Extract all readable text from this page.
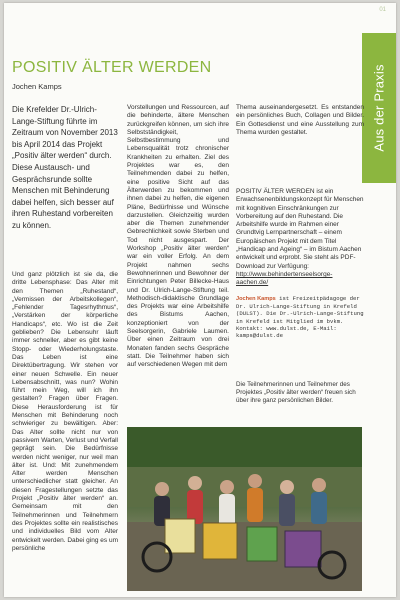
01
Aus der Praxis
POSITIV ÄLTER WERDEN
Jochen Kamps
Die Krefelder Dr.-Ulrich-Lange-Stiftung führte im Zeitraum von November 2013 bis April 2014 das Projekt „Positiv älter werden“ durch. Diese Austausch- und Gesprächsrunde sollte Menschen mit Behinderung dabei helfen, sich besser auf ihren Ruhestand vorbereiten zu können.
Und ganz plötzlich ist sie da, die dritte Lebensphase: Das Alter mit den Themen „Ruhestand“, „Vermissen der Arbeitskollegen“, „Fehlender Tagesrhythmus“, „Verstärken der körperliche Handicaps“, etc. Wo ist die Zeit geblieben? Die Lebensuhr läuft immer schneller, aber es gibt keine Stopp- oder Wiederholungstaste. Das Leben ist eine Direktübertragung. Wir stehen vor einer neuen Schwelle. Ein neuer Lebensabschnitt, was nun? Wohin führt mein Weg, will ich ihn gestalten? Fragen über Fragen. Diese Herausforderung ist für Menschen mit Behinderung noch schwieriger zu bewältigen. Aber: Das Alter sollte nicht nur von passivem Warten, Verlust und Verfall geprägt sein. Die Bedürfnisse werden nicht weniger, nur weil man älter ist. Und: Mit zunehmendem Alter werden Menschen unterschiedlicher statt gleicher. An diesen Fragestellungen setzte das Projekt „Positiv älter werden“ an. Gemeinsam mit den Teilnehmerinnen und Teilnehmern des Projektes sollte ein realistisches und individuelles Bild vom Alter entwickelt werden. Dabei ging es um persönliche
Vorstellungen und Ressourcen, auf die behinderte, ältere Menschen zurückgreifen können, um sich ihre Selbstständigkeit, Selbstbestimmung und Lebensqualität trotz chronischer Krankheiten zu erhalten. Ziel des Projektes war es, den Teilnehmenden dabei zu helfen, eine positive Sicht auf das Älterwerden zu bekommen und ihnen dabei zu helfen, die eigenen Pläne, Bedürfnisse und Wünsche darzustellen. Gleichzeitig wurden aber die Themen zunehmender Gebrechlichkeit sowie Sterben und Tod nicht ausgespart. Der Workshop „Positiv älter werden“ war ein voller Erfolg. An dem Projekt nahmen sechs Bewohnerinnen und Bewohner der Einrichtungen Peter Billecke-Haus und Dr. Ulrich-Lange-Stiftung teil. Methodisch-didaktische Grundlage des Projekts war eine Arbeitshilfe des Bistums Aachen, konzeptioniert von der Seelsorgerin, Gabriele Laumen. Über einen Zeitraum von drei Monaten fanden sechs Gespräche statt. Die Teilnehmer haben sich auf verschiedenen Wegen mit dem
Thema auseinandergesetzt. Es entstanden ein persönliches Buch, Collagen und Bilder. Ein Gottesdienst und eine Ausstellung zum Thema wurden gestaltet.
POSITIV ÄLTER WERDEN ist ein Erwachsenenbildungskonzept für Menschen mit kognitiven Einschränkungen zur Vorbereitung auf den Ruhestand. Die Arbeitshilfe wurde im Rahmen einer Grundtvig Lernpartnerschaft – einem Europäischen Projekt mit dem Titel „Handicap and Ageing“ – im Bistum Aachen entwickelt und erprobt. Sie steht als PDF-Download zur Verfügung: http://www.behindertenseelsorge-aachen.de/
Jochen Kamps ist Freizeitpädagoge der Dr. Ulrich-Lange-Stiftung in Krefeld (DULST). Die Dr.-Ulrich-Lange-Stiftung in Krefeld ist Mitglied im bvkm. Kontakt: www.dulst.de, E-Mail: kamps@dulst.de
Die Teilnehmerinnen und Teilnehmer des Projektes „Positiv älter werden“ freuen sich über ihre ganz persönlichen Bilder.
